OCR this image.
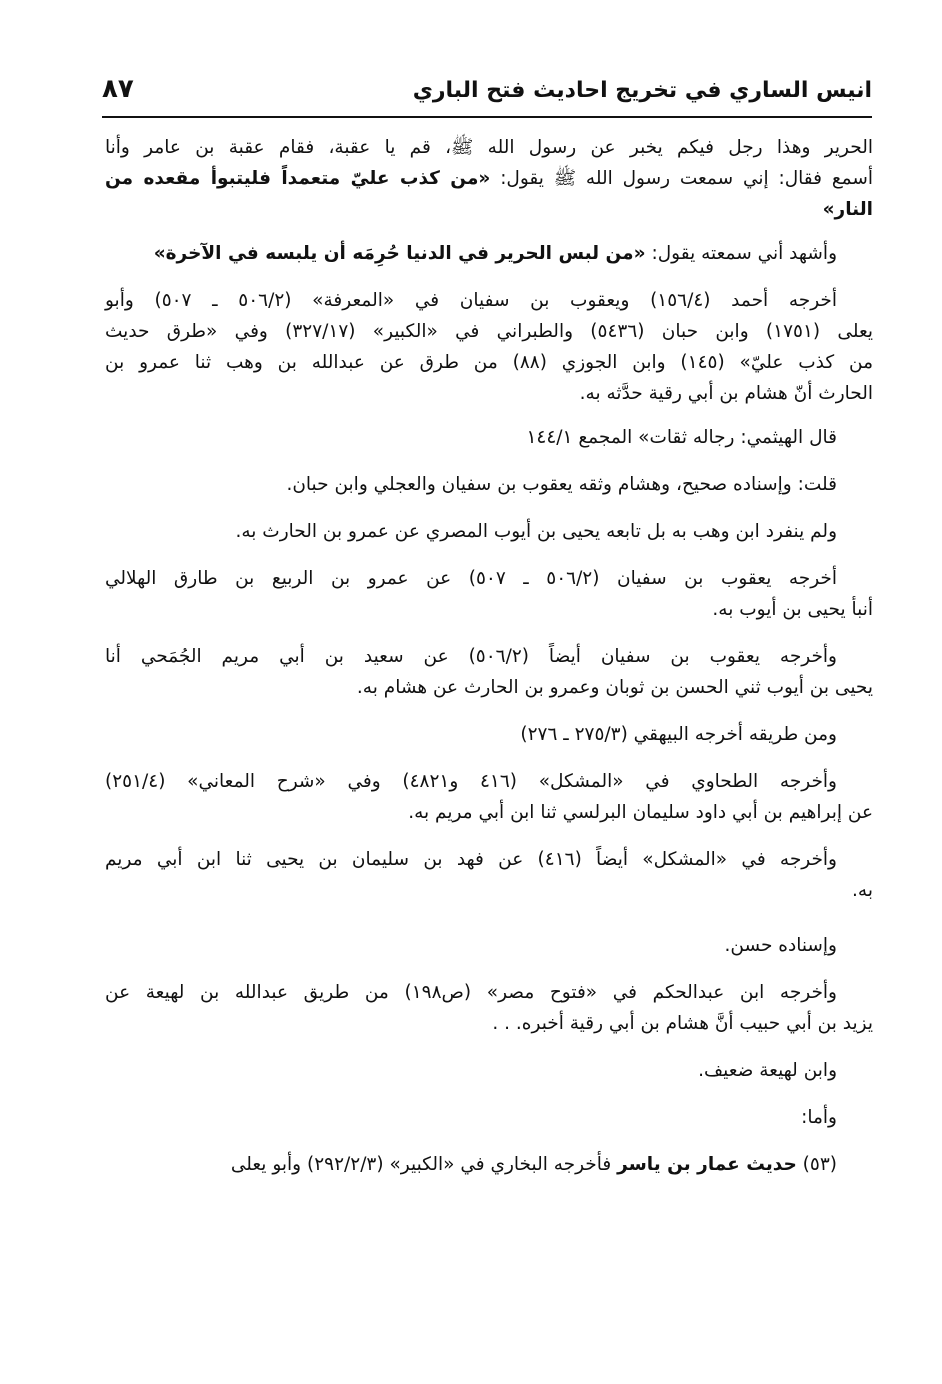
انيس الساري في تخريج احاديث فتح الباري
٨٧
الحرير وهذا رجل فيكم يخبر عن رسول الله ﷺ، قم يا عقبة، فقام عقبة بن عامر وأنا
أسمع فقال: إني سمعت رسول الله ﷺ يقول: «من كذب عليّ متعمداً فليتبوأ مقعده من
النار»
وأشهد أني سمعته يقول: «من لبس الحرير في الدنيا حُرِمَه أن يلبسه في الآخرة»
أخرجه أحمد (١٥٦/٤) ويعقوب بن سفيان في «المعرفة» (٥٠٦/٢ ـ ٥٠٧) وأبو
يعلى (١٧٥١) وابن حبان (٥٤٣٦) والطبراني في «الكبير» (٣٢٧/١٧) وفي «طرق حديث
من كذب عليّ» (١٤٥) وابن الجوزي (٨٨) من طرق عن عبدالله بن وهب ثنا عمرو بن
الحارث أنّ هشام بن أبي رقية حدَّثه به.
قال الهيثمي: رجاله ثقات» المجمع ١٤٤/١
قلت: وإسناده صحيح، وهشام وثقه يعقوب بن سفيان والعجلي وابن حبان.
ولم ينفرد ابن وهب به بل تابعه يحيى بن أيوب المصري عن عمرو بن الحارث به.
أخرجه يعقوب بن سفيان (٥٠٦/٢ ـ ٥٠٧) عن عمرو بن الربيع بن طارق الهلالي
أنبأ يحيى بن أيوب به.
وأخرجه يعقوب بن سفيان أيضاً (٥٠٦/٢) عن سعيد بن أبي مريم الجُمَحي أنا
يحيى بن أيوب ثني الحسن بن ثوبان وعمرو بن الحارث عن هشام به.
ومن طريقه أخرجه البيهقي (٢٧٥/٣ ـ ٢٧٦)
وأخرجه الطحاوي في «المشكل» (٤١٦ و٤٨٢١) وفي «شرح المعاني» (٢٥١/٤)
عن إبراهيم بن أبي داود سليمان البرلسي ثنا ابن أبي مريم به.
وأخرجه في «المشكل» أيضاً (٤١٦) عن فهد بن سليمان بن يحيى ثنا ابن أبي مريم
به.
وإسناده حسن.
وأخرجه ابن عبدالحكم في «فتوح مصر» (ص١٩٨) من طريق عبدالله بن لهيعة عن
يزيد بن أبي حبيب أنَّ هشام بن أبي رقية أخبره. . .
وابن لهيعة ضعيف.
وأما:
(٥٣) حديث عمار بن ياسر فأخرجه البخاري في «الكبير» (٢٩٢/٢/٣) وأبو يعلى
